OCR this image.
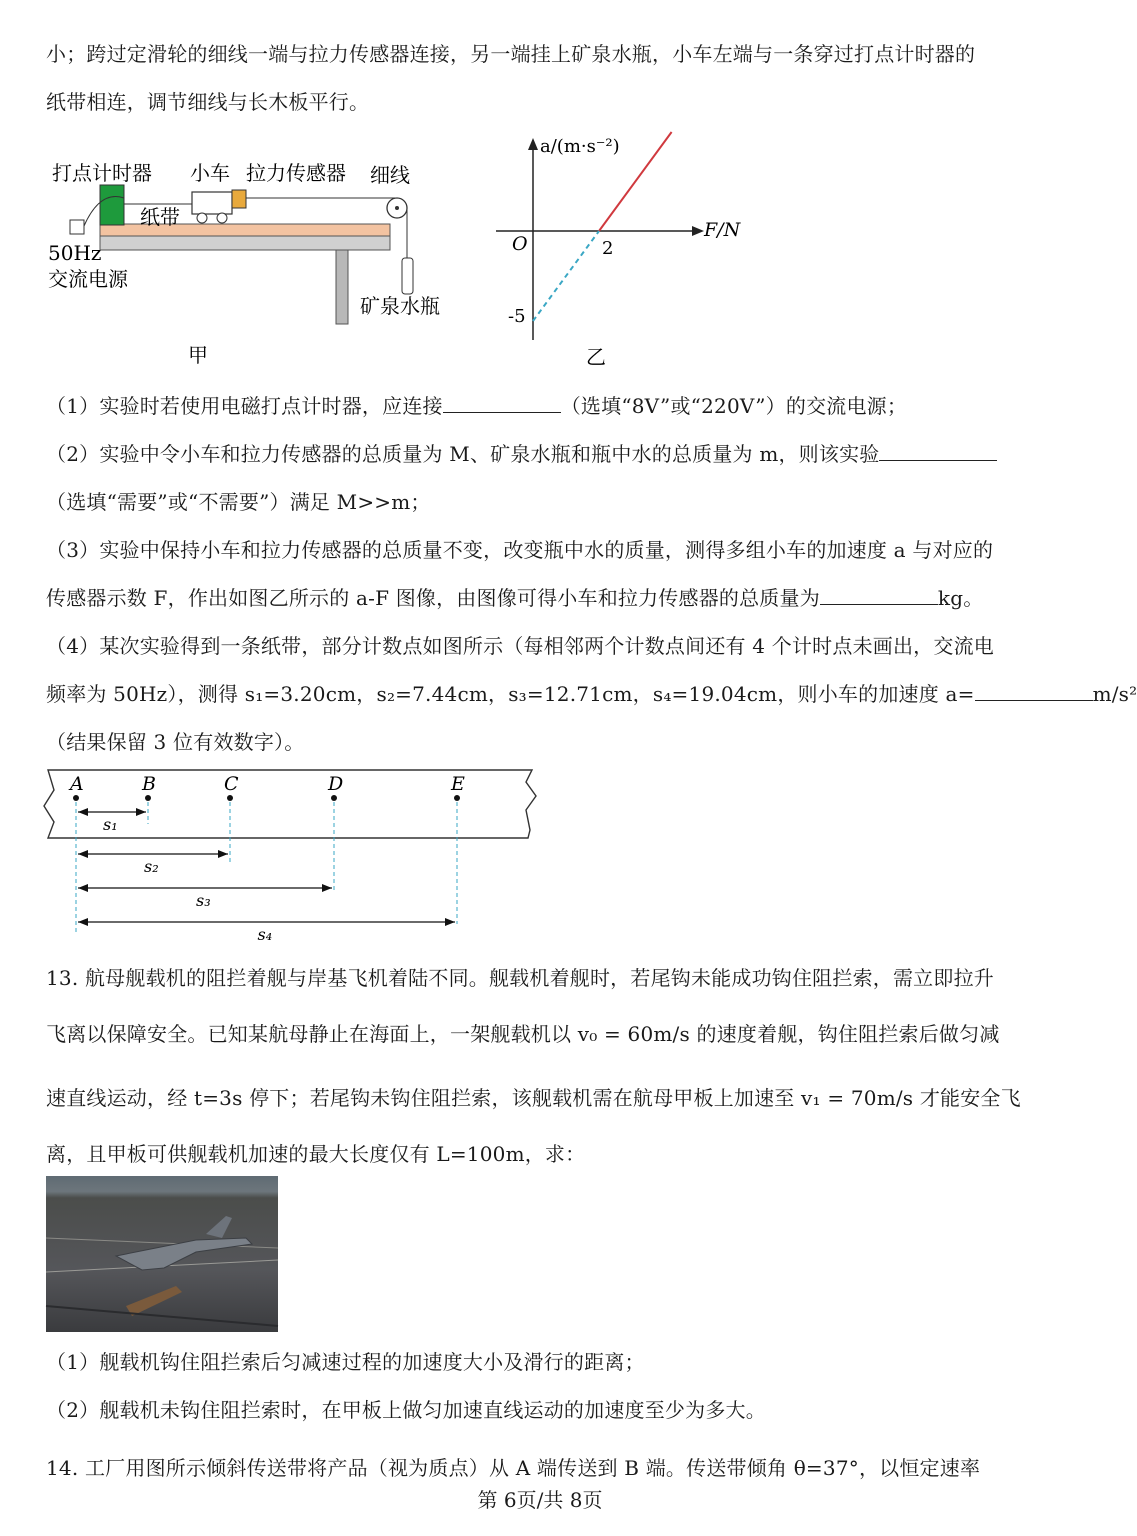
小；跨过定滑轮的细线一端与拉力传感器连接，另一端挂上矿泉水瓶，小车左端与一条穿过打点计时器的
纸带相连，调节细线与长木板平行。
打点计时器 小车 拉力传感器 细线
纸带
50Hz
交流电源
矿泉水瓶
甲
a/(m·s⁻²)
F/N
O	2
-5
乙
（1）实验时若使用电磁打点计时器，应连接	（选填“8V”或“220V”）的交流电源；
（2）实验中令小车和拉力传感器的总质量为 M、矿泉水瓶和瓶中水的总质量为 m，则该实验
（选填“需要”或“不需要”）满足 M>>m；
（3）实验中保持小车和拉力传感器的总质量不变，改变瓶中水的质量，测得多组小车的加速度 a 与对应的
传感器示数 F，作出如图乙所示的 a-F 图像，由图像可得小车和拉力传感器的总质量为	kg。
（4）某次实验得到一条纸带，部分计数点如图所示（每相邻两个计数点间还有 4 个计时点未画出，交流电
频率为 50Hz），测得 s₁=3.20cm，s₂=7.44cm，s₃=12.71cm，s₄=19.04cm，则小车的加速度 a=	m/s²
（结果保留 3 位有效数字）。
A	B	C	D	E
s₁
s₂
s₃
s₄
13. 航母舰载机的阻拦着舰与岸基飞机着陆不同。舰载机着舰时，若尾钩未能成功钩住阻拦索，需立即拉升
飞离以保障安全。已知某航母静止在海面上，一架舰载机以 v₀ = 60m/s 的速度着舰，钩住阻拦索后做匀减
速直线运动，经 t=3s 停下；若尾钩未钩住阻拦索，该舰载机需在航母甲板上加速至 v₁ = 70m/s 才能安全飞
离，且甲板可供舰载机加速的最大长度仅有 L=100m，求：
（1）舰载机钩住阻拦索后匀减速过程的加速度大小及滑行的距离；
（2）舰载机未钩住阻拦索时，在甲板上做匀加速直线运动的加速度至少为多大。
14. 工厂用图所示倾斜传送带将产品（视为质点）从 A 端传送到 B 端。传送带倾角 θ=37°，以恒定速率
第 6页/共 8页
